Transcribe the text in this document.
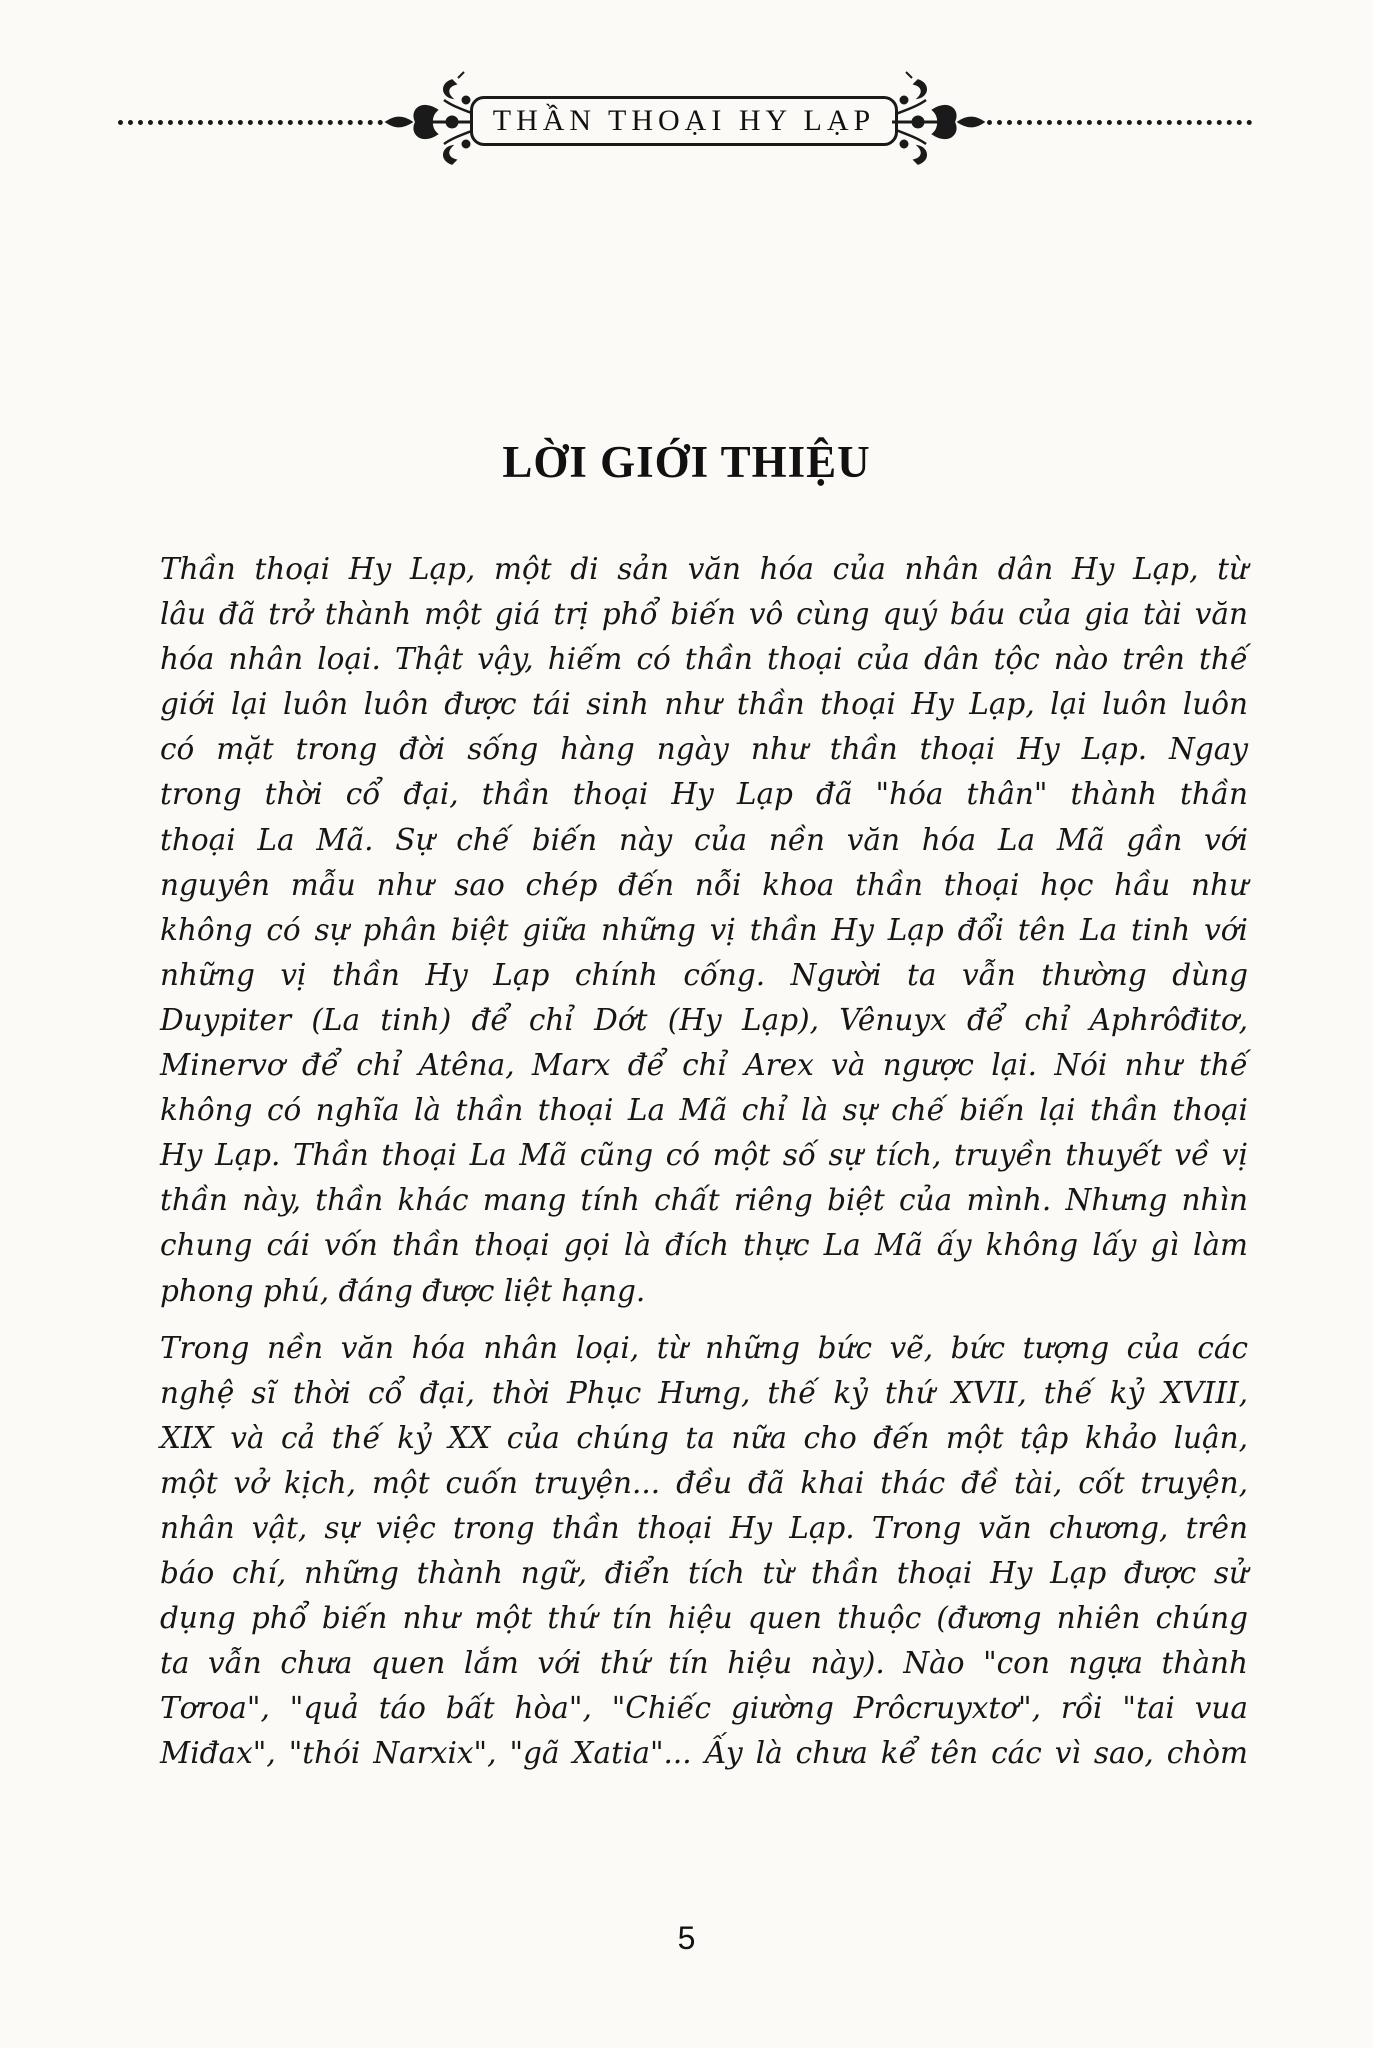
THẦN THOẠI HY LẠP
LỜI GIỚI THIỆU
Thần thoại Hy Lạp, một di sản văn hóa của nhân dân Hy Lạp, từ
lâu đã trở thành một giá trị phổ biến vô cùng quý báu của gia tài văn
hóa nhân loại. Thật vậy, hiếm có thần thoại của dân tộc nào trên thế
giới lại luôn luôn được tái sinh như thần thoại Hy Lạp, lại luôn luôn
có mặt trong đời sống hàng ngày như thần thoại Hy Lạp. Ngay
trong thời cổ đại, thần thoại Hy Lạp đã "hóa thân" thành thần
thoại La Mã. Sự chế biến này của nền văn hóa La Mã gần với
nguyên mẫu như sao chép đến nỗi khoa thần thoại học hầu như
không có sự phân biệt giữa những vị thần Hy Lạp đổi tên La tinh với
những vị thần Hy Lạp chính cống. Người ta vẫn thường dùng
Duypiter (La tinh) để chỉ Dớt (Hy Lạp), Vênuyx để chỉ Aphrôđitơ,
Minervơ để chỉ Atêna, Marx để chỉ Arex và ngược lại. Nói như thế
không có nghĩa là thần thoại La Mã chỉ là sự chế biến lại thần thoại
Hy Lạp. Thần thoại La Mã cũng có một số sự tích, truyền thuyết về vị
thần này, thần khác mang tính chất riêng biệt của mình. Nhưng nhìn
chung cái vốn thần thoại gọi là đích thực La Mã ấy không lấy gì làm
phong phú, đáng được liệt hạng.
Trong nền văn hóa nhân loại, từ những bức vẽ, bức tượng của các
nghệ sĩ thời cổ đại, thời Phục Hưng, thế kỷ thứ XVII, thế kỷ XVIII,
XIX và cả thế kỷ XX của chúng ta nữa cho đến một tập khảo luận,
một vở kịch, một cuốn truyện... đều đã khai thác đề tài, cốt truyện,
nhân vật, sự việc trong thần thoại Hy Lạp. Trong văn chương, trên
báo chí, những thành ngữ, điển tích từ thần thoại Hy Lạp được sử
dụng phổ biến như một thứ tín hiệu quen thuộc (đương nhiên chúng
ta vẫn chưa quen lắm với thứ tín hiệu này). Nào "con ngựa thành
Tơroa", "quả táo bất hòa", "Chiếc giường Prôcruyxtơ", rồi "tai vua
Miđax", "thói Narxix", "gã Xatia"... Ấy là chưa kể tên các vì sao, chòm
5
